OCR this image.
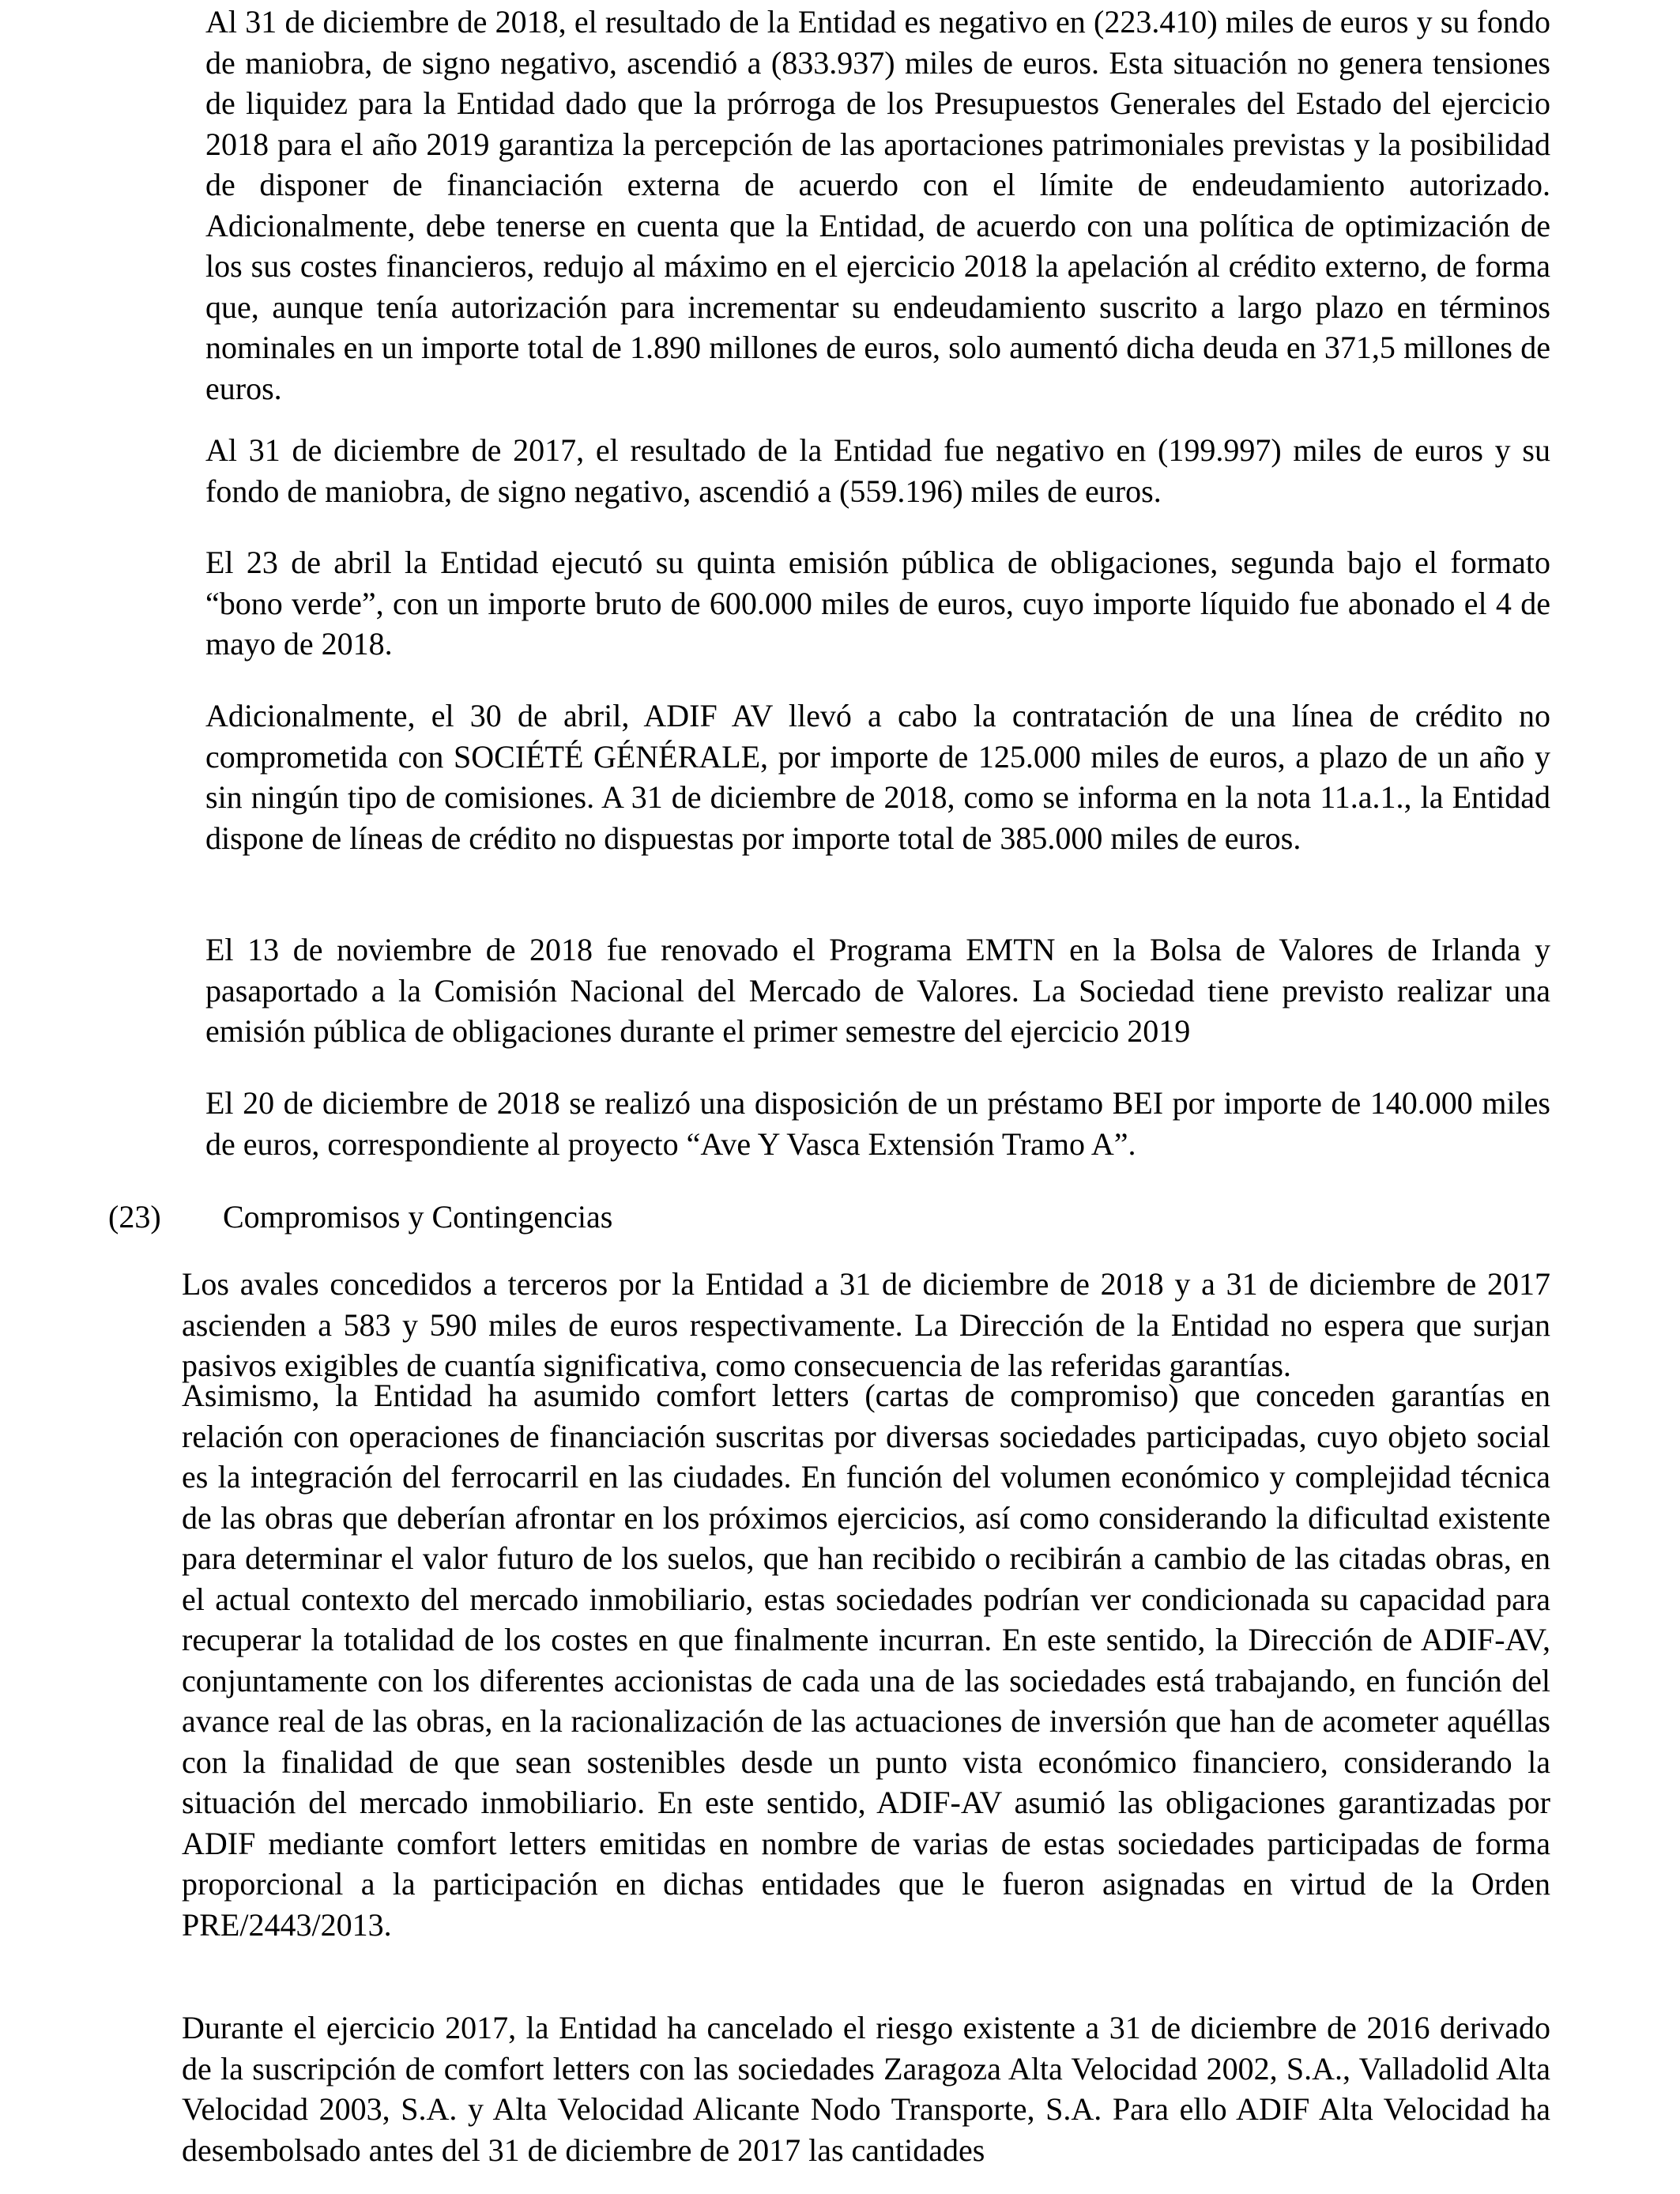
Al 31 de diciembre de 2018, el resultado de la Entidad es negativo en (223.410) miles de euros y su fondo de maniobra, de signo negativo, ascendió a (833.937) miles de euros. Esta situación no genera tensiones de liquidez para la Entidad dado que la prórroga de los Presupuestos Generales del Estado del ejercicio 2018 para el año 2019 garantiza la percepción de las aportaciones patrimoniales previstas y la posibilidad de disponer de financiación externa de acuerdo con el límite de endeudamiento autorizado. Adicionalmente, debe tenerse en cuenta que la Entidad, de acuerdo con una política de optimización de los sus costes financieros, redujo al máximo en el ejercicio 2018 la apelación al crédito externo, de forma que, aunque tenía autorización para incrementar su endeudamiento suscrito a largo plazo en términos nominales en un importe total de 1.890 millones de euros, solo aumentó dicha deuda en 371,5 millones de euros.

Al 31 de diciembre de 2017, el resultado de la Entidad fue negativo en (199.997) miles de euros y su fondo de maniobra, de signo negativo, ascendió a (559.196) miles de euros.

El 23 de abril la Entidad ejecutó su quinta emisión pública de obligaciones, segunda bajo el formato “bono verde”, con un importe bruto de 600.000 miles de euros, cuyo importe líquido fue abonado el 4 de mayo de 2018.

Adicionalmente, el 30 de abril, ADIF AV llevó a cabo la contratación de una línea de crédito no comprometida con SOCIÉTÉ GÉNÉRALE, por importe de 125.000 miles de euros, a plazo de un año y sin ningún tipo de comisiones. A 31 de diciembre de 2018, como se informa en la nota 11.a.1., la Entidad dispone de líneas de crédito no dispuestas por importe total de 385.000 miles de euros.

El 13 de noviembre de 2018 fue renovado el Programa EMTN en la Bolsa de Valores de Irlanda y pasaportado a la Comisión Nacional del Mercado de Valores. La Sociedad tiene previsto realizar una emisión pública de obligaciones durante el primer semestre del ejercicio 2019

El 20 de diciembre de 2018 se realizó una disposición de un préstamo BEI por importe de 140.000 miles de euros, correspondiente al proyecto “Ave Y Vasca Extensión Tramo A”.

(23) Compromisos y Contingencias

Los avales concedidos a terceros por la Entidad a 31 de diciembre de 2018 y a 31 de diciembre de 2017 ascienden a 583 y 590 miles de euros respectivamente. La Dirección de la Entidad no espera que surjan pasivos exigibles de cuantía significativa, como consecuencia de las referidas garantías.

Asimismo, la Entidad ha asumido comfort letters (cartas de compromiso) que conceden garantías en relación con operaciones de financiación suscritas por diversas sociedades participadas, cuyo objeto social es la integración del ferrocarril en las ciudades. En función del volumen económico y complejidad técnica de las obras que deberían afrontar en los próximos ejercicios, así como considerando la dificultad existente para determinar el valor futuro de los suelos, que han recibido o recibirán a cambio de las citadas obras, en el actual contexto del mercado inmobiliario, estas sociedades podrían ver condicionada su capacidad para recuperar la totalidad de los costes en que finalmente incurran. En este sentido, la Dirección de ADIF-AV, conjuntamente con los diferentes accionistas de cada una de las sociedades está trabajando, en función del avance real de las obras, en la racionalización de las actuaciones de inversión que han de acometer aquéllas con la finalidad de que sean sostenibles desde un punto vista económico financiero, considerando la situación del mercado inmobiliario. En este sentido, ADIF-AV asumió las obligaciones garantizadas por ADIF mediante comfort letters emitidas en nombre de varias de estas sociedades participadas de forma proporcional a la participación en dichas entidades que le fueron asignadas en virtud de la Orden PRE/2443/2013.

Durante el ejercicio 2017, la Entidad ha cancelado el riesgo existente a 31 de diciembre de 2016 derivado de la suscripción de comfort letters con las sociedades Zaragoza Alta Velocidad 2002, S.A., Valladolid Alta Velocidad 2003, S.A. y Alta Velocidad Alicante Nodo Transporte, S.A. Para ello ADIF Alta Velocidad ha desembolsado antes del 31 de diciembre de 2017 las cantidades
